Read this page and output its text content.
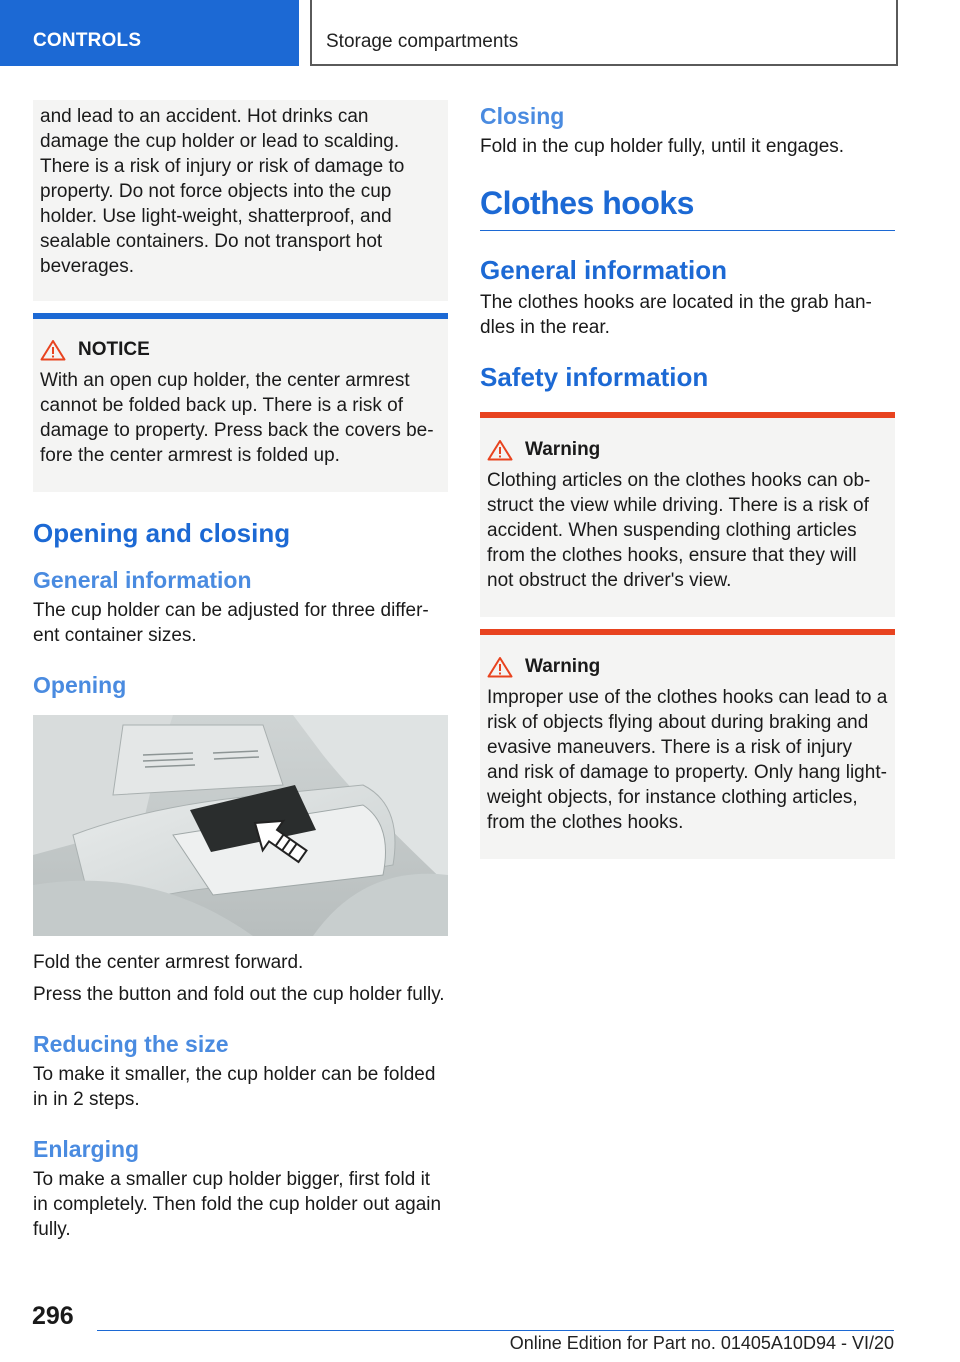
CONTROLS	Storage compartments

and lead to an accident. Hot drinks can damage the cup holder or lead to scalding. There is a risk of injury or risk of damage to property. Do not force objects into the cup holder. Use light‐weight, shatterproof, and sealable containers. Do not transport hot beverages.

NOTICE

With an open cup holder, the center armrest cannot be folded back up. There is a risk of damage to property. Press back the covers be‐fore the center armrest is folded up.

Opening and closing
General information

The cup holder can be adjusted for three differ‐ent container sizes.

Opening

Fold the center armrest forward.

Press the button and fold out the cup holder fully.

Reducing the size

To make it smaller, the cup holder can be folded in in 2 steps.

Enlarging

To make a smaller cup holder bigger, first fold it in completely. Then fold the cup holder out again fully.

Closing

Fold in the cup holder fully, until it engages.

Clothes hooks
General information

The clothes hooks are located in the grab han‐dles in the rear.

Safety information
Warning

Clothing articles on the clothes hooks can ob‐struct the view while driving. There is a risk of accident. When suspending clothing articles from the clothes hooks, ensure that they will not obstruct the driver's view.

Warning

Improper use of the clothes hooks can lead to a risk of objects flying about during braking and evasive maneuvers. There is a risk of injury and risk of damage to property. Only hang light‐weight objects, for instance clothing articles, from the clothes hooks.

296
Online Edition for Part no. 01405A10D94 - VI/20
